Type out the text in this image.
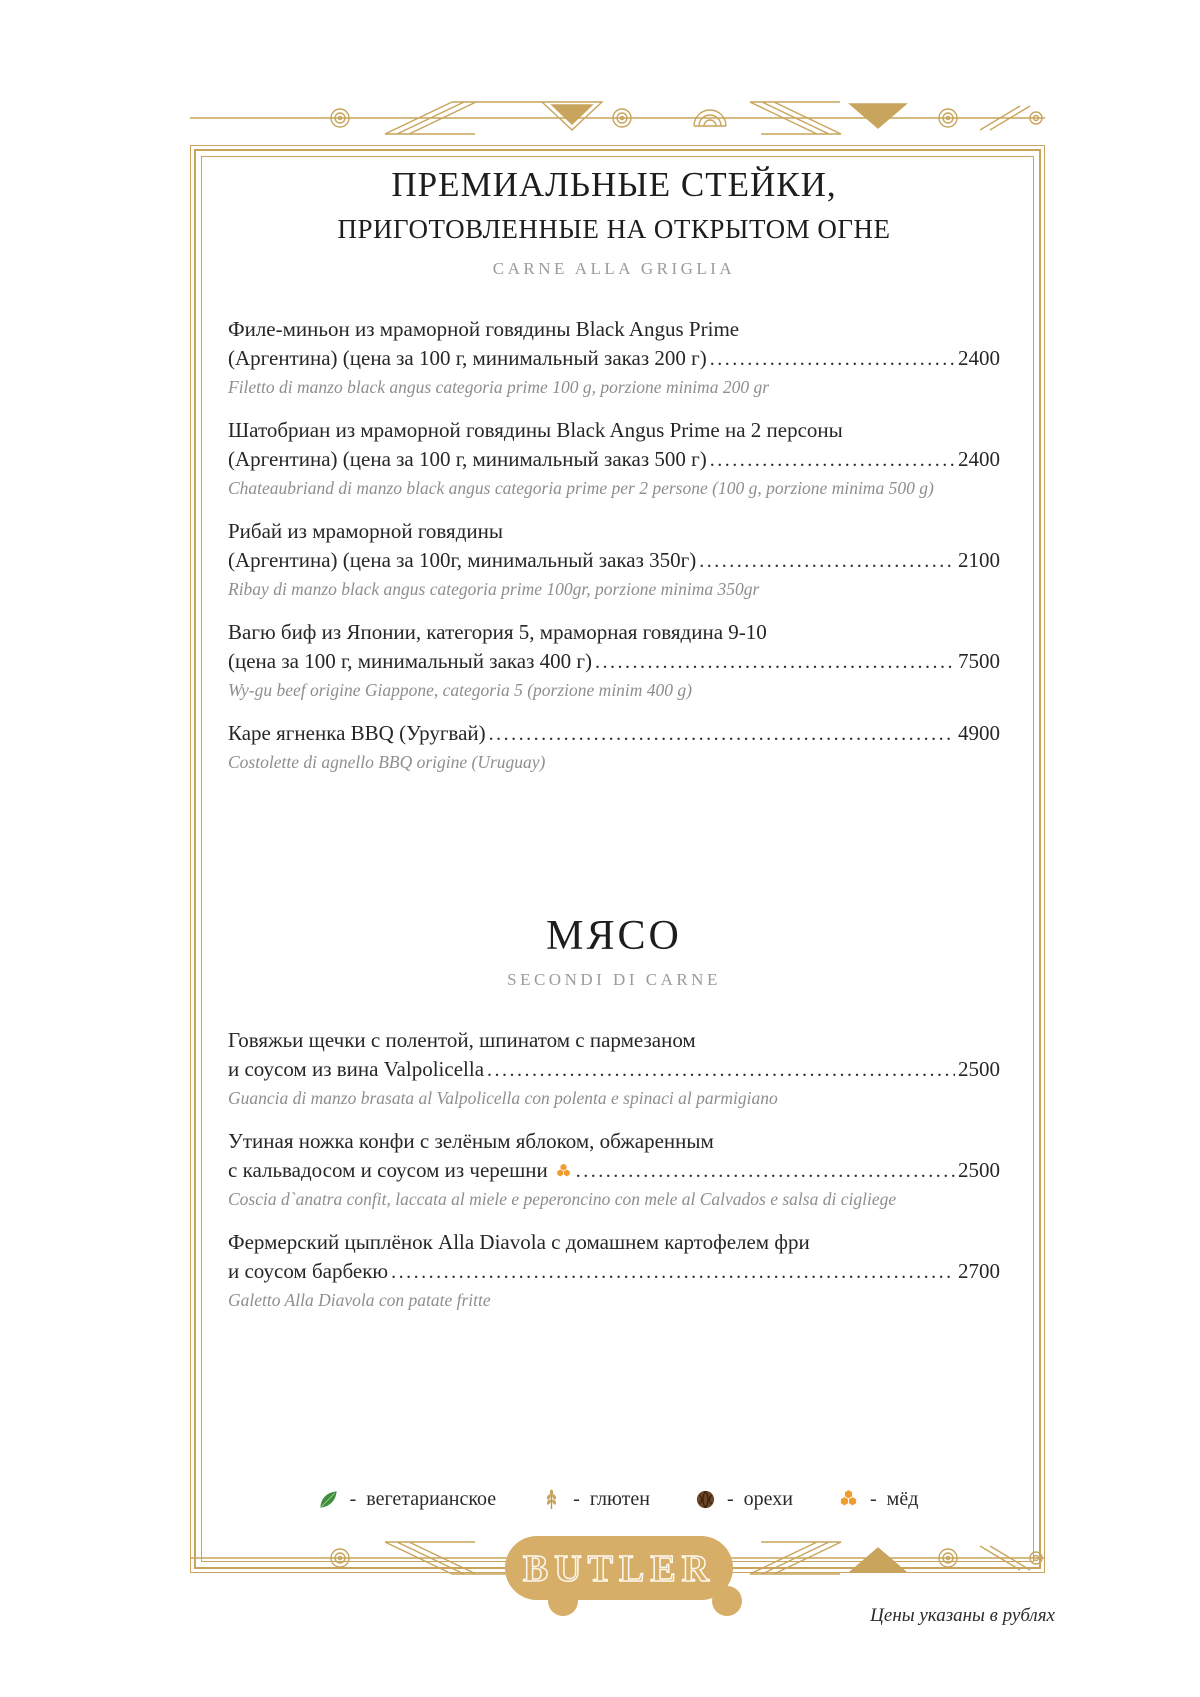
BUTLER
ПРЕМИАЛЬНЫЕ СТЕЙКИ,
ПРИГОТОВЛЕННЫЕ НА ОТКРЫТОМ ОГНЕ
CARNE ALLA GRIGLIA
Филе-миньон из мраморной говядины Black Angus Prime
(Аргентина) (цена за 100 г, минимальный заказ 200 г) .....	2400
Filetto di manzo black angus categoria prime 100 g, porzione minima 200 gr
Шатобриан из мраморной говядины Black Angus Prime на 2 персоны
(Аргентина) (цена за 100 г, минимальный заказ 500 г) .....	2400
Chateaubriand di manzo black angus categoria prime per 2 persone (100 g, porzione minima 500 g)
Рибай из мраморной говядины
(Аргентина) (цена за 100г, минимальный заказ 350г) .....	2100
Ribay di manzo black angus categoria prime 100gr, porzione minima 350gr
Вагю биф из Японии, категория 5, мраморная говядина 9-10
(цена за 100 г, минимальный заказ 400 г) .....	7500
Wy-gu beef origine Giappone, categoria 5 (porzione minim 400 g)
Каре ягненка BBQ (Уругвай) .....	4900
Costolette di agnello BBQ origine (Uruguay)
МЯСО
SECONDI DI CARNE
Говяжьи щечки с полентой, шпинатом с пармезаном
и соусом из вина Valpolicella .....	2500
Guancia di manzo brasata al Valpolicella con polenta e spinaci al parmigiano
Утиная ножка конфи с зелёным яблоком, обжаренным
с кальвадосом и соусом из черешни .....	2500
Coscia d`anatra confit, laccata al miele e peperoncino con mele al Calvados e salsa di cigliege
Фермерский цыплёнок Alla Diavola с домашнем картофелем фри
и соусом барбекю .....	2700
Galetto Alla Diavola con patate fritte
- вегетарианское	- глютен	- орехи	- мёд
Цены указаны в рублях
